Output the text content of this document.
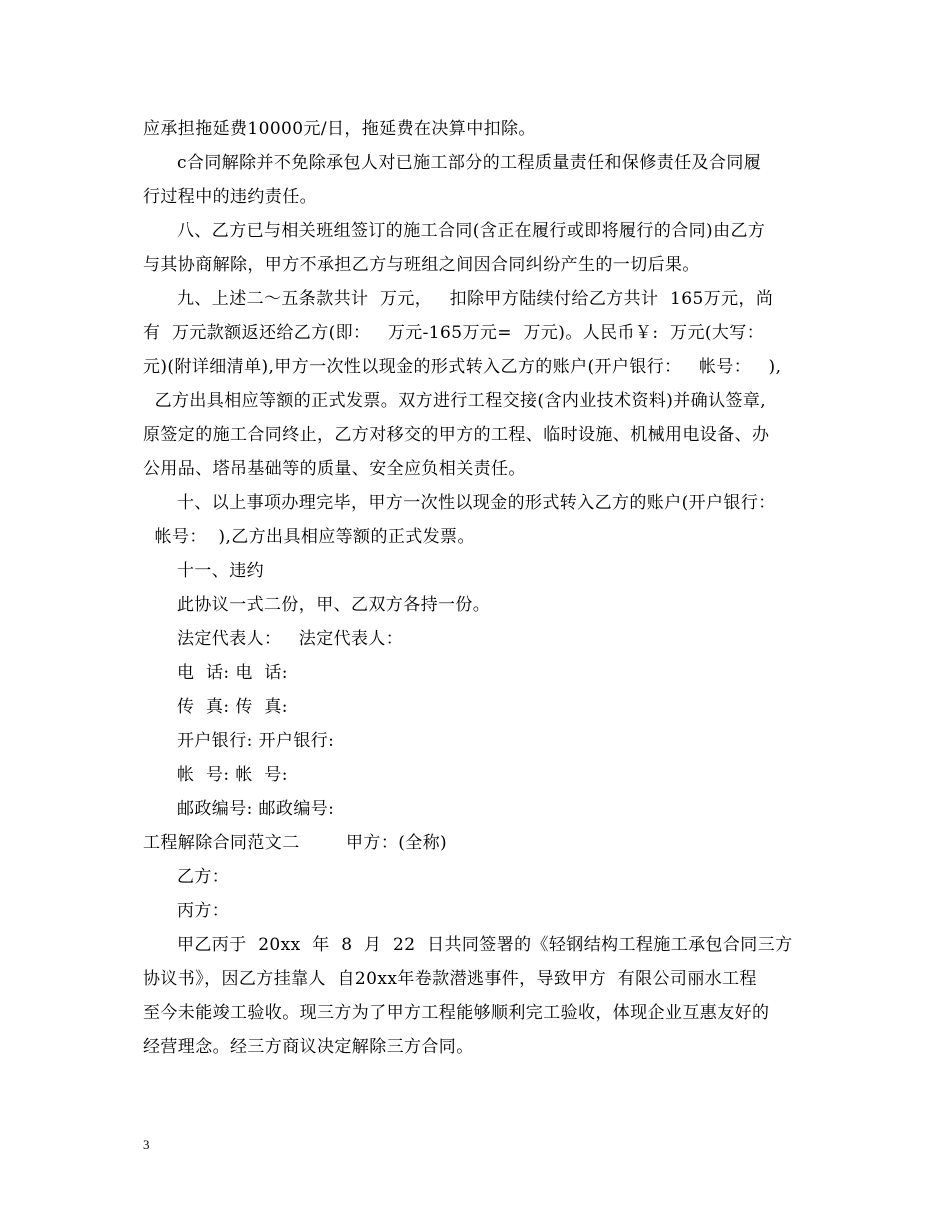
应承担拖延费10000元/日，拖延费在决算中扣除。
c合同解除并不免除承包人对已施工部分的工程质量责任和保修责任及合同履
行过程中的违约责任。
八、乙方已与相关班组签订的施工合同(含正在履行或即将履行的合同)由乙方
与其协商解除，甲方不承担乙方与班组之间因合同纠纷产生的一切后果。
九、上述二～五条款共计  万元，   扣除甲方陆续付给乙方共计  165万元，尚
有  万元款额返还给乙方(即：   万元-165万元=  万元)。人民币￥:  万元(大写：
元)(附详细清单),甲方一次性以现金的形式转入乙方的账户(开户银行：   帐号：   ),
乙方出具相应等额的正式发票。双方进行工程交接(含内业技术资料)并确认签章,
原签定的施工合同终止，乙方对移交的甲方的工程、临时设施、机械用电设备、办
公用品、塔吊基础等的质量、安全应负相关责任。
十、以上事项办理完毕，甲方一次性以现金的形式转入乙方的账户(开户银行：
帐号：  ),乙方出具相应等额的正式发票。
十一、违约
此协议一式二份，甲、乙双方各持一份。
法定代表人：   法定代表人：
电  话: 电  话:
传  真: 传  真:
开户银行: 开户银行:
帐  号: 帐  号:
邮政编号: 邮政编号:
工程解除合同范文二        甲方：(全称)
乙方：
丙方：
甲乙丙于  20xx  年  8  月  22  日共同签署的《轻钢结构工程施工承包合同三方
协议书》，因乙方挂靠人  自20xx年卷款潜逃事件，导致甲方  有限公司丽水工程
至今未能竣工验收。现三方为了甲方工程能够顺利完工验收，体现企业互惠友好的
经营理念。经三方商议决定解除三方合同。
3
